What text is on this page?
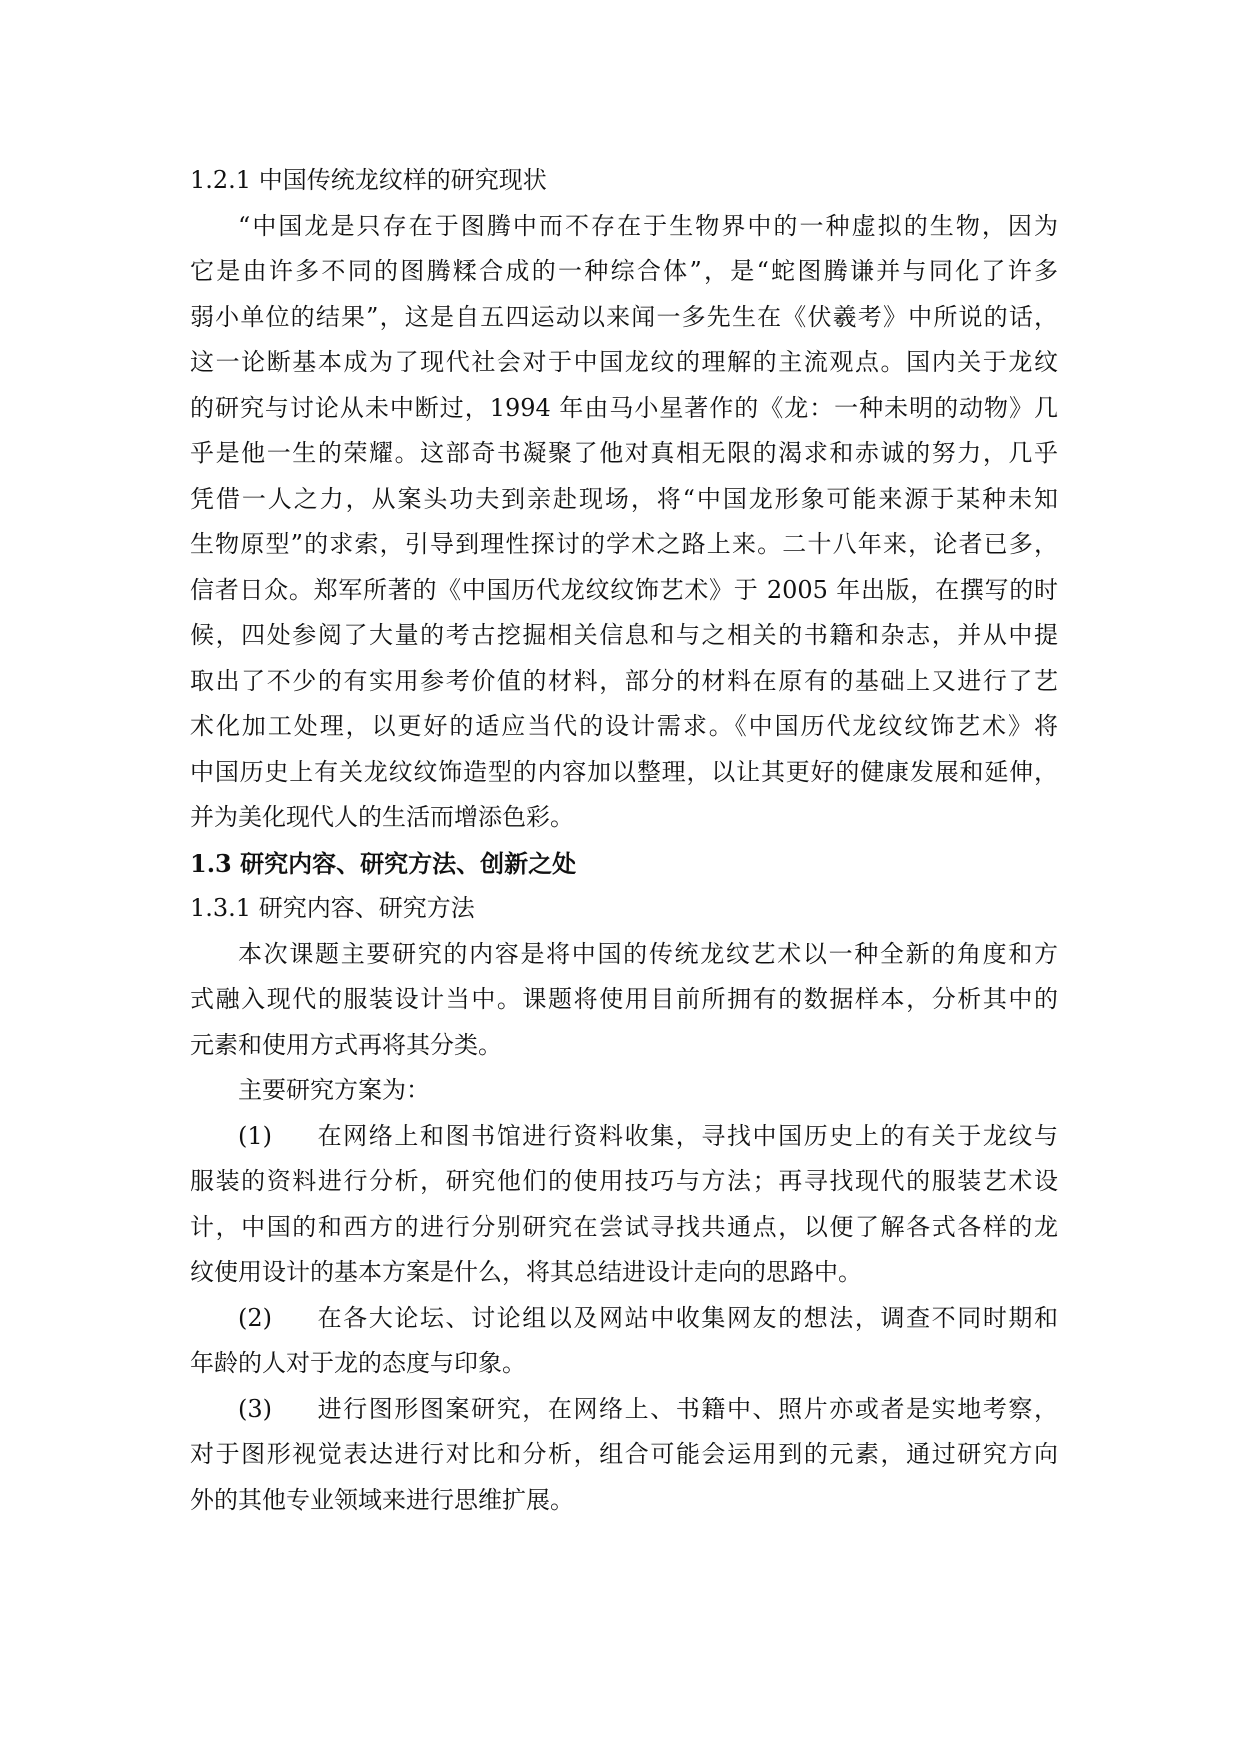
1.2.1 中国传统龙纹样的研究现状
“中国龙是只存在于图腾中而不存在于生物界中的一种虚拟的生物，因为
它是由许多不同的图腾糅合成的一种综合体”，是“蛇图腾谦并与同化了许多
弱小单位的结果”，这是自五四运动以来闻一多先生在《伏羲考》中所说的话，
这一论断基本成为了现代社会对于中国龙纹的理解的主流观点。国内关于龙纹
的研究与讨论从未中断过，1994 年由马小星著作的《龙：一种未明的动物》几
乎是他一生的荣耀。这部奇书凝聚了他对真相无限的渴求和赤诚的努力，几乎
凭借一人之力，从案头功夫到亲赴现场，将“中国龙形象可能来源于某种未知
生物原型”的求索，引导到理性探讨的学术之路上来。二十八年来，论者已多，
信者日众。郑军所著的《中国历代龙纹纹饰艺术》于 2005 年出版，在撰写的时
候，四处参阅了大量的考古挖掘相关信息和与之相关的书籍和杂志，并从中提
取出了不少的有实用参考价值的材料，部分的材料在原有的基础上又进行了艺
术化加工处理，以更好的适应当代的设计需求。《中国历代龙纹纹饰艺术》将
中国历史上有关龙纹纹饰造型的内容加以整理，以让其更好的健康发展和延伸，
并为美化现代人的生活而增添色彩。
1.3 研究内容、研究方法、创新之处
1.3.1 研究内容、研究方法
本次课题主要研究的内容是将中国的传统龙纹艺术以一种全新的角度和方
式融入现代的服装设计当中。课题将使用目前所拥有的数据样本，分析其中的
元素和使用方式再将其分类。
主要研究方案为：
(1) 在网络上和图书馆进行资料收集，寻找中国历史上的有关于龙纹与
服装的资料进行分析，研究他们的使用技巧与方法；再寻找现代的服装艺术设
计，中国的和西方的进行分别研究在尝试寻找共通点，以便了解各式各样的龙
纹使用设计的基本方案是什么，将其总结进设计走向的思路中。
(2) 在各大论坛、讨论组以及网站中收集网友的想法，调查不同时期和
年龄的人对于龙的态度与印象。
(3) 进行图形图案研究，在网络上、书籍中、照片亦或者是实地考察，
对于图形视觉表达进行对比和分析，组合可能会运用到的元素，通过研究方向
外的其他专业领域来进行思维扩展。
